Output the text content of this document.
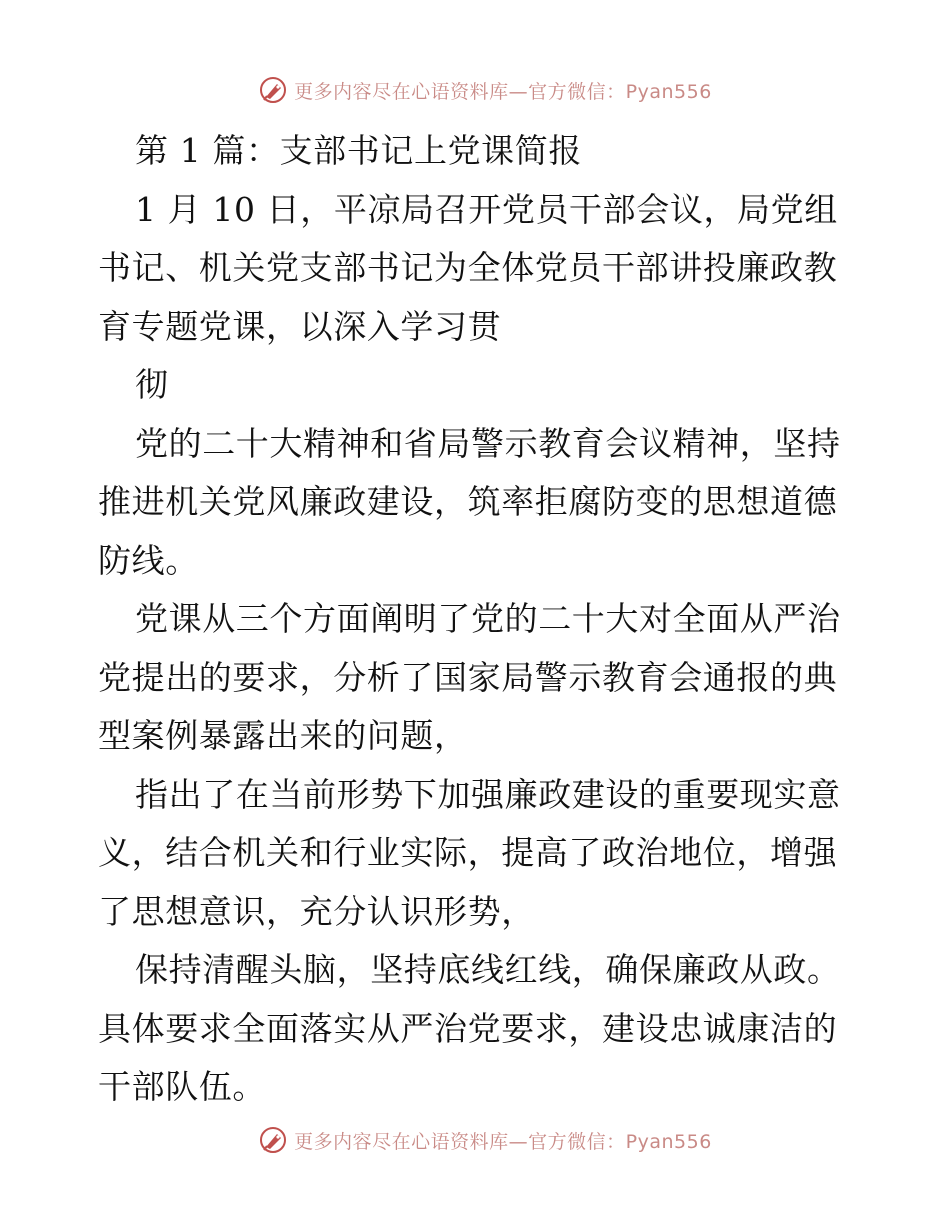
更多内容尽在心语资料库—官方微信：Pyan556

第 1 篇：支部书记上党课简报

1 月 10 日，平凉局召开党员干部会议，局党组书记、机关党支部书记为全体党员干部讲投廉政教育专题党课，以深入学习贯

彻

党的二十大精神和省局警示教育会议精神，坚持推进机关党风廉政建设，筑率拒腐防变的思想道德防线。

党课从三个方面阐明了党的二十大对全面从严治党提出的要求，分析了国家局警示教育会通报的典型案例暴露出来的问题，

指出了在当前形势下加强廉政建设的重要现实意义，结合机关和行业实际，提高了政治地位，增强了思想意识，充分认识形势，

保持清醒头脑，坚持底线红线，确保廉政从政。具体要求全面落实从严治党要求，建设忠诚康洁的干部队伍。

更多内容尽在心语资料库—官方微信：Pyan556
